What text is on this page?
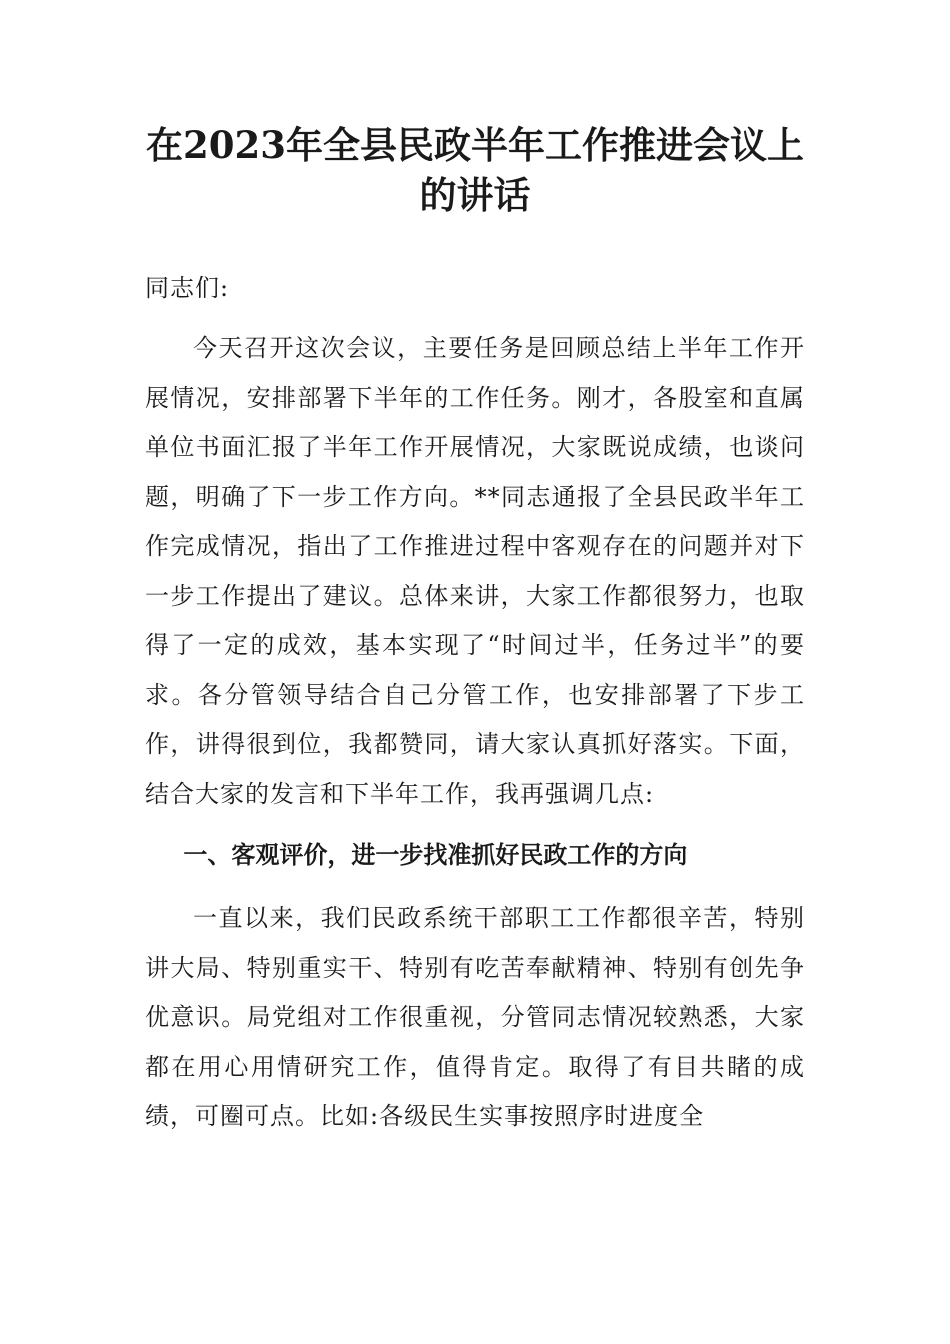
在2023年全县民政半年工作推进会议上的讲话

同志们:

今天召开这次会议，主要任务是回顾总结上半年工作开展情况，安排部署下半年的工作任务。刚才，各股室和直属单位书面汇报了半年工作开展情况，大家既说成绩，也谈问题，明确了下一步工作方向。**同志通报了全县民政半年工作完成情况，指出了工作推进过程中客观存在的问题并对下一步工作提出了建议。总体来讲，大家工作都很努力，也取得了一定的成效，基本实现了“时间过半，任务过半”的要求。各分管领导结合自己分管工作，也安排部署了下步工作，讲得很到位，我都赞同，请大家认真抓好落实。下面，结合大家的发言和下半年工作，我再强调几点:

一、客观评价，进一步找准抓好民政工作的方向

一直以来，我们民政系统干部职工工作都很辛苦，特别讲大局、特别重实干、特别有吃苦奉献精神、特别有创先争优意识。局党组对工作很重视，分管同志情况较熟悉，大家都在用心用情研究工作，值得肯定。取得了有目共睹的成绩，可圈可点。比如:各级民生实事按照序时进度全
